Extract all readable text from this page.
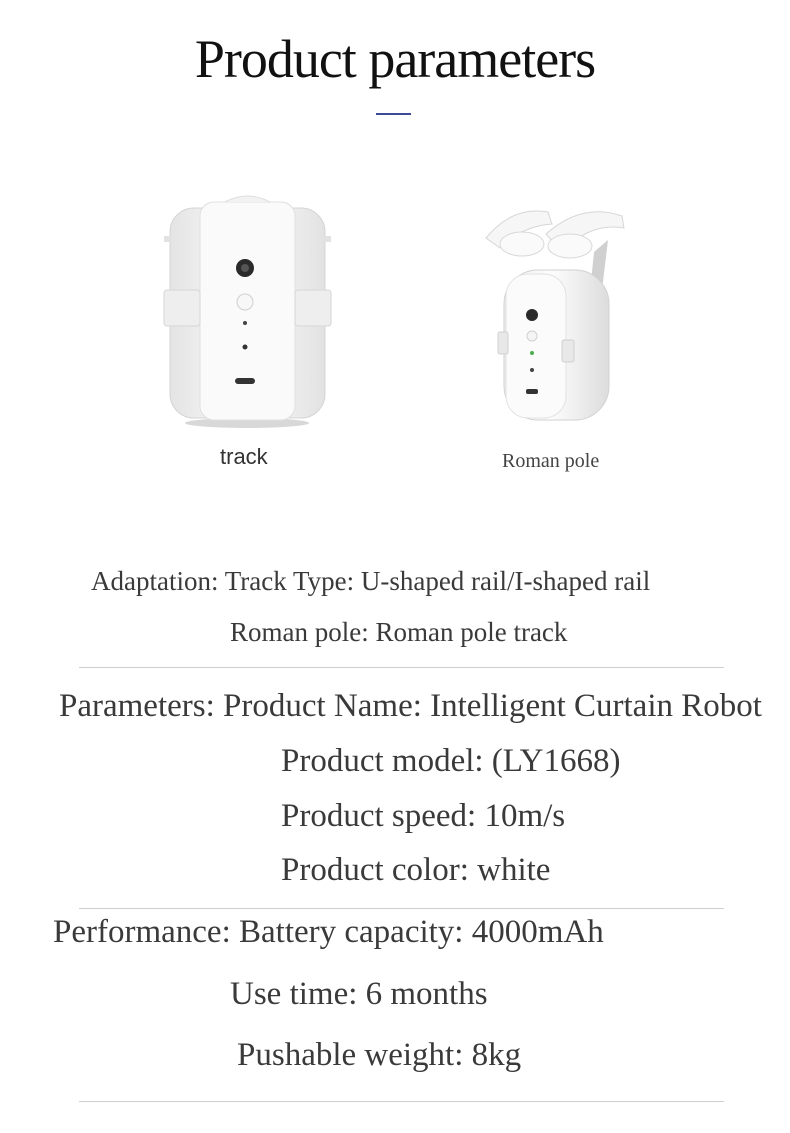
Product parameters
track	Roman pole
Adaptation: Track Type: U-shaped rail/I-shaped rail
Roman pole: Roman pole track
Parameters: Product Name: Intelligent Curtain Robot
Product model: (LY1668)
Product speed: 10m/s
Product color: white
Performance: Battery capacity: 4000mAh
Use time: 6 months
Pushable weight: 8kg
